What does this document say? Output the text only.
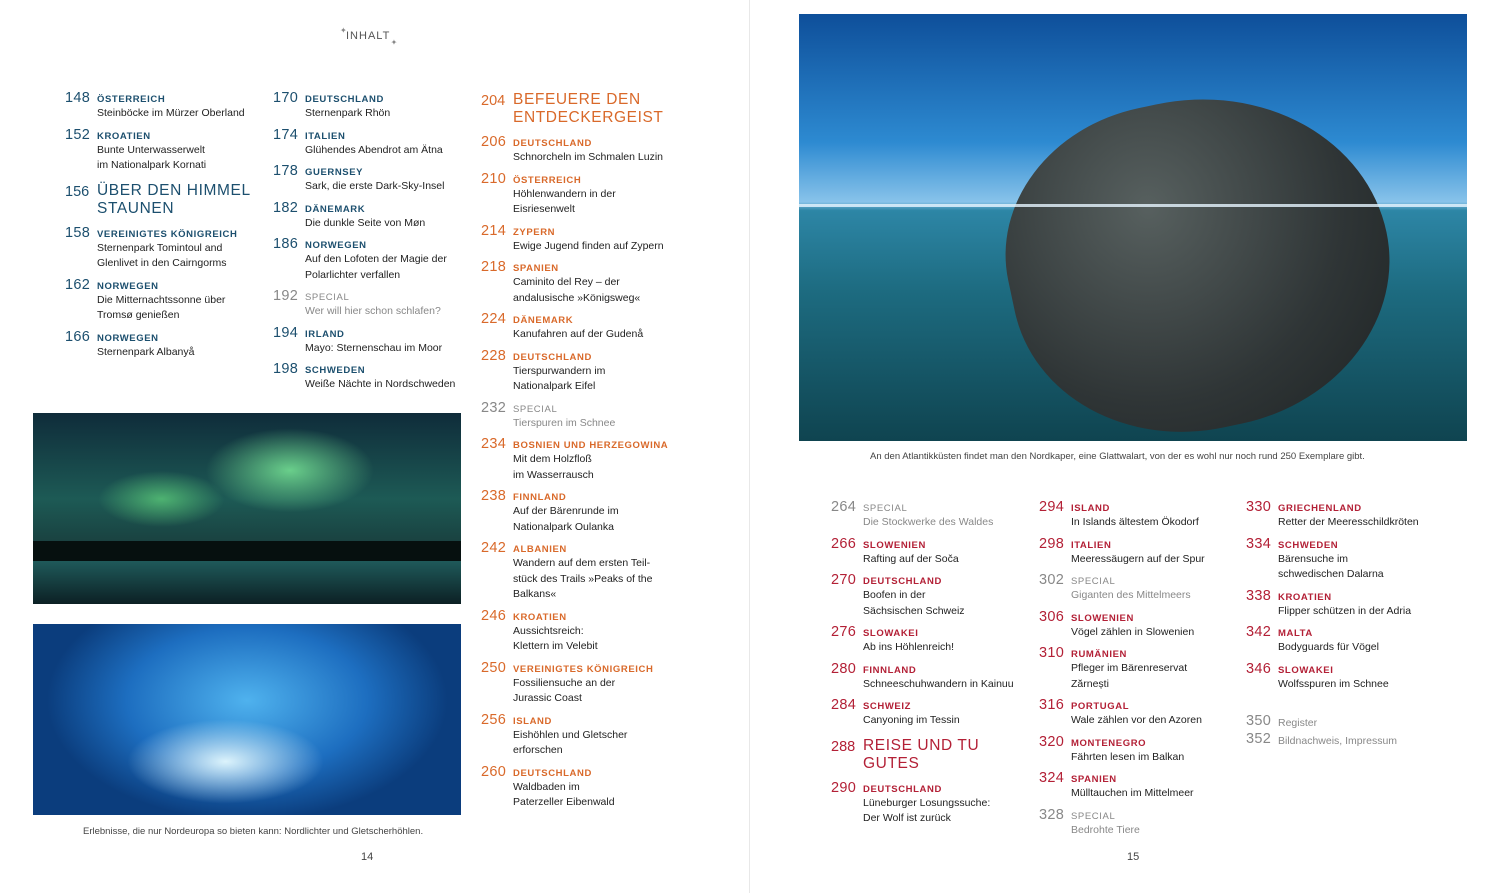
✦
INHALT
✦
148 ÖSTERREICH
Steinböcke im Mürzer Oberland
152 KROATIEN
Bunte Unterwasserwelt
im Nationalpark Kornati
156 ÜBER DEN HIMMEL
STAUNEN
158 VEREINIGTES KÖNIGREICH
Sternenpark Tomintoul and
Glenlivet in den Cairngorms
162 NORWEGEN
Die Mitternachtssonne über
Tromsø genießen
166 NORWEGEN
Sternenpark Albanyå
170 DEUTSCHLAND
Sternenpark Rhön
174 ITALIEN
Glühendes Abendrot am Ätna
178 GUERNSEY
Sark, die erste Dark-Sky-Insel
182 DÄNEMARK
Die dunkle Seite von Møn
186 NORWEGEN
Auf den Lofoten der Magie der
Polarlichter verfallen
192 SPECIAL
Wer will hier schon schlafen?
194 IRLAND
Mayo: Sternenschau im Moor
198 SCHWEDEN
Weiße Nächte in Nordschweden
204 BEFEUERE DEN
ENTDECKERGEIST
206 DEUTSCHLAND
Schnorcheln im Schmalen Luzin
210 ÖSTERREICH
Höhlenwandern in der
Eisriesenwelt
214 ZYPERN
Ewige Jugend finden auf Zypern
218 SPANIEN
Caminito del Rey – der
andalusische »Königsweg«
224 DÄNEMARK
Kanufahren auf der Gudenå
228 DEUTSCHLAND
Tierspurwandern im
Nationalpark Eifel
232 SPECIAL
Tierspuren im Schnee
234 BOSNIEN UND HERZEGOWINA
Mit dem Holzfloß
im Wasserrausch
238 FINNLAND
Auf der Bärenrunde im
Nationalpark Oulanka
242 ALBANIEN
Wandern auf dem ersten Teil-
stück des Trails »Peaks of the
Balkans«
246 KROATIEN
Aussichtsreich:
Klettern im Velebit
250 VEREINIGTES KÖNIGREICH
Fossiliensuche an der
Jurassic Coast
256 ISLAND
Eishöhlen und Gletscher
erforschen
260 DEUTSCHLAND
Waldbaden im
Paterzeller Eibenwald
Erlebnisse, die nur Nordeuropa so bieten kann: Nordlichter und Gletscherhöhlen.
14
264 SPECIAL
Die Stockwerke des Waldes
266 SLOWENIEN
Rafting auf der Soča
270 DEUTSCHLAND
Boofen in der
Sächsischen Schweiz
276 SLOWAKEI
Ab ins Höhlenreich!
280 FINNLAND
Schneeschuhwandern in Kainuu
284 SCHWEIZ
Canyoning im Tessin
288 REISE UND TU GUTES
290 DEUTSCHLAND
Lüneburger Losungssuche:
Der Wolf ist zurück
294 ISLAND
In Islands ältestem Ökodorf
298 ITALIEN
Meeressäugern auf der Spur
302 SPECIAL
Giganten des Mittelmeers
306 SLOWENIEN
Vögel zählen in Slowenien
310 RUMÄNIEN
Pfleger im Bärenreservat
Zărnești
316 PORTUGAL
Wale zählen vor den Azoren
320 MONTENEGRO
Fährten lesen im Balkan
324 SPANIEN
Mülltauchen im Mittelmeer
328 SPECIAL
Bedrohte Tiere
330 GRIECHENLAND
Retter der Meeresschildkröten
334 SCHWEDEN
Bärensuche im
schwedischen Dalarna
338 KROATIEN
Flipper schützen in der Adria
342 MALTA
Bodyguards für Vögel
346 SLOWAKEI
Wolfsspuren im Schnee
350 Register
352 Bildnachweis, Impressum
An den Atlantikküsten findet man den Nordkaper, eine Glattwalart, von der es wohl nur noch rund 250 Exemplare gibt.
15
